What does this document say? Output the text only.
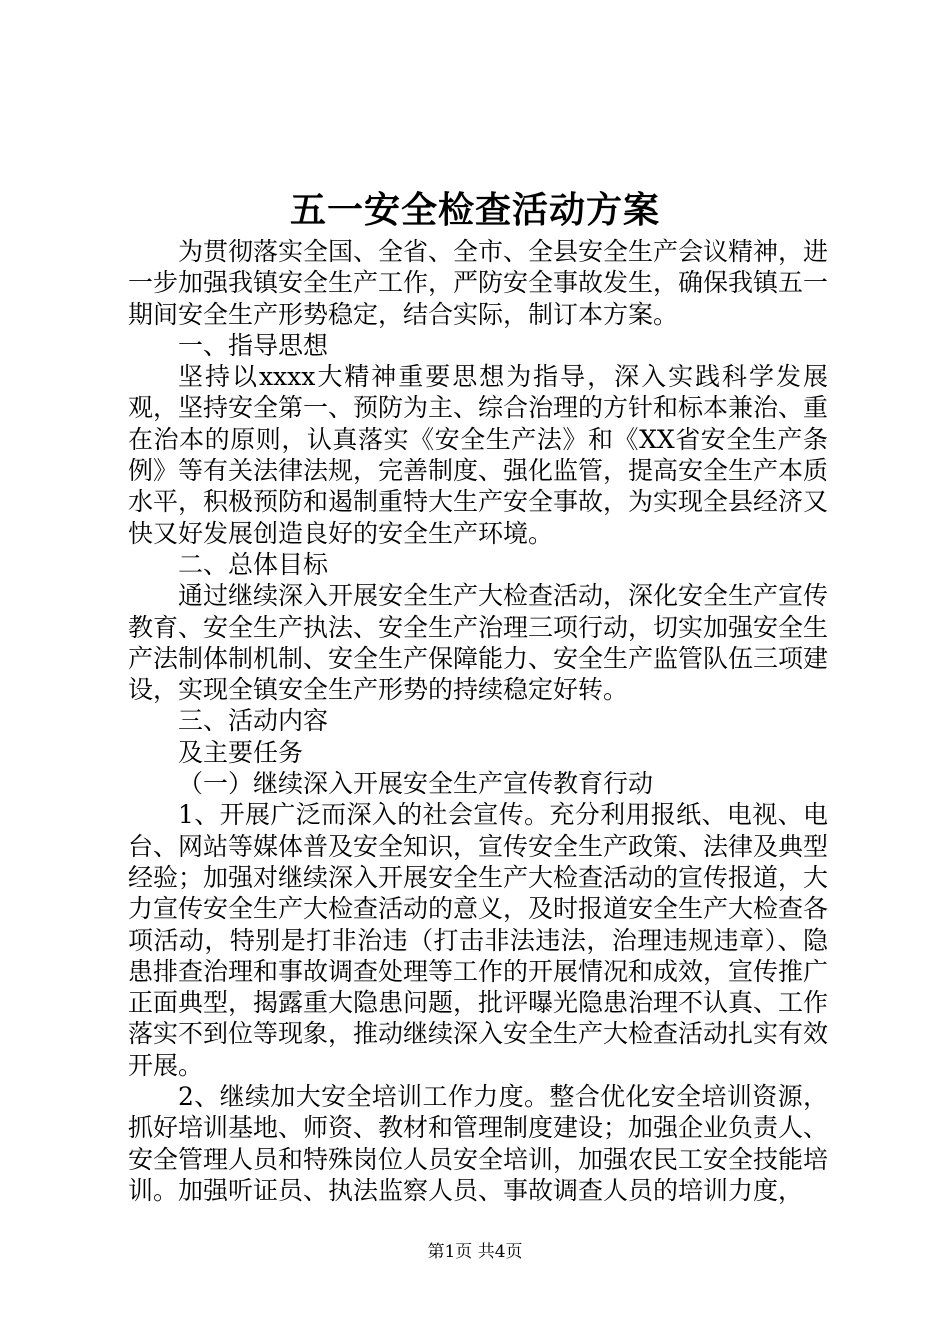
五一安全检查活动方案

为贯彻落实全国、全省、全市、全县安全生产会议精神，进一步加强我镇安全生产工作，严防安全事故发生，确保我镇五一期间安全生产形势稳定，结合实际，制订本方案。

一、指导思想

坚持以xxxx大精神重要思想为指导，深入实践科学发展观，坚持安全第一、预防为主、综合治理的方针和标本兼治、重在治本的原则，认真落实《安全生产法》和《XX省安全生产条例》等有关法律法规，完善制度、强化监管，提高安全生产本质水平，积极预防和遏制重特大生产安全事故，为实现全县经济又快又好发展创造良好的安全生产环境。

二、总体目标

通过继续深入开展安全生产大检查活动，深化安全生产宣传教育、安全生产执法、安全生产治理三项行动，切实加强安全生产法制体制机制、安全生产保障能力、安全生产监管队伍三项建设，实现全镇安全生产形势的持续稳定好转。

三、活动内容

及主要任务

（一）继续深入开展安全生产宣传教育行动

1、开展广泛而深入的社会宣传。充分利用报纸、电视、电台、网站等媒体普及安全知识，宣传安全生产政策、法律及典型经验；加强对继续深入开展安全生产大检查活动的宣传报道，大力宣传安全生产大检查活动的意义，及时报道安全生产大检查各项活动，特别是打非治违（打击非法违法，治理违规违章）、隐患排查治理和事故调查处理等工作的开展情况和成效，宣传推广正面典型，揭露重大隐患问题，批评曝光隐患治理不认真、工作落实不到位等现象，推动继续深入安全生产大检查活动扎实有效开展。

2、继续加大安全培训工作力度。整合优化安全培训资源，抓好培训基地、师资、教材和管理制度建设；加强企业负责人、安全管理人员和特殊岗位人员安全培训，加强农民工安全技能培训。加强听证员、执法监察人员、事故调查人员的培训力度，

第1页 共4页
